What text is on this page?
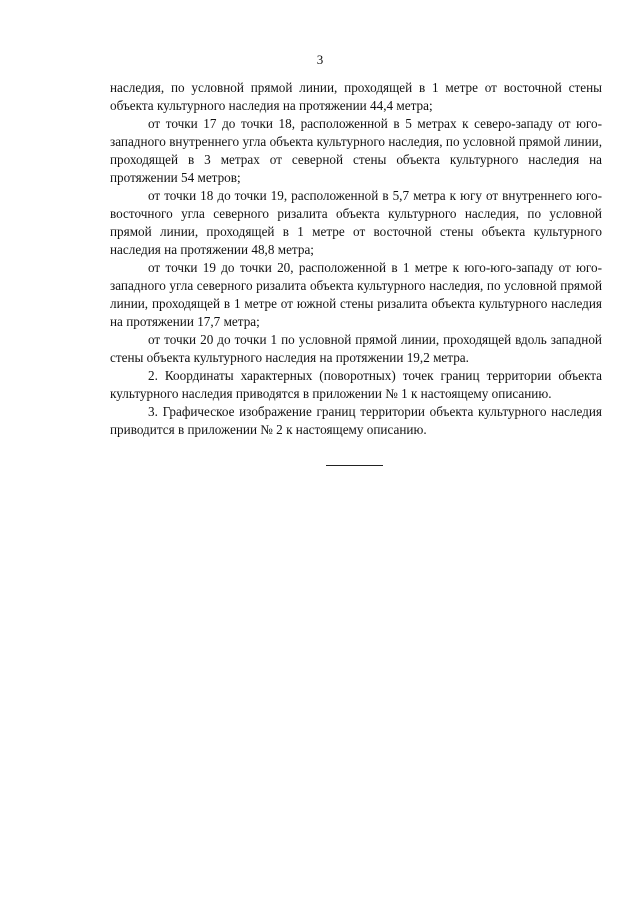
3

наследия, по условной прямой линии, проходящей в 1 метре от восточной стены объекта культурного наследия на протяжении 44,4 метра;

от точки 17 до точки 18, расположенной в 5 метрах к северо-западу от юго-западного внутреннего угла объекта культурного наследия, по условной прямой линии, проходящей в 3 метрах от северной стены объекта культурного наследия на протяжении 54 метров;

от точки 18 до точки 19, расположенной в 5,7 метра к югу от внутреннего юго-восточного угла северного ризалита объекта культурного наследия, по условной прямой линии, проходящей в 1 метре от восточной стены объекта культурного наследия на протяжении 48,8 метра;

от точки 19 до точки 20, расположенной в 1 метре к юго-юго-западу от юго-западного угла северного ризалита объекта культурного наследия, по условной прямой линии, проходящей в 1 метре от южной стены ризалита объекта культурного наследия на протяжении 17,7 метра;

от точки 20 до точки 1 по условной прямой линии, проходящей вдоль западной стены объекта культурного наследия на протяжении 19,2 метра.

2. Координаты характерных (поворотных) точек границ территории объекта культурного наследия приводятся в приложении № 1 к настоящему описанию.

3. Графическое изображение границ территории объекта культурного наследия приводится в приложении № 2 к настоящему описанию.
